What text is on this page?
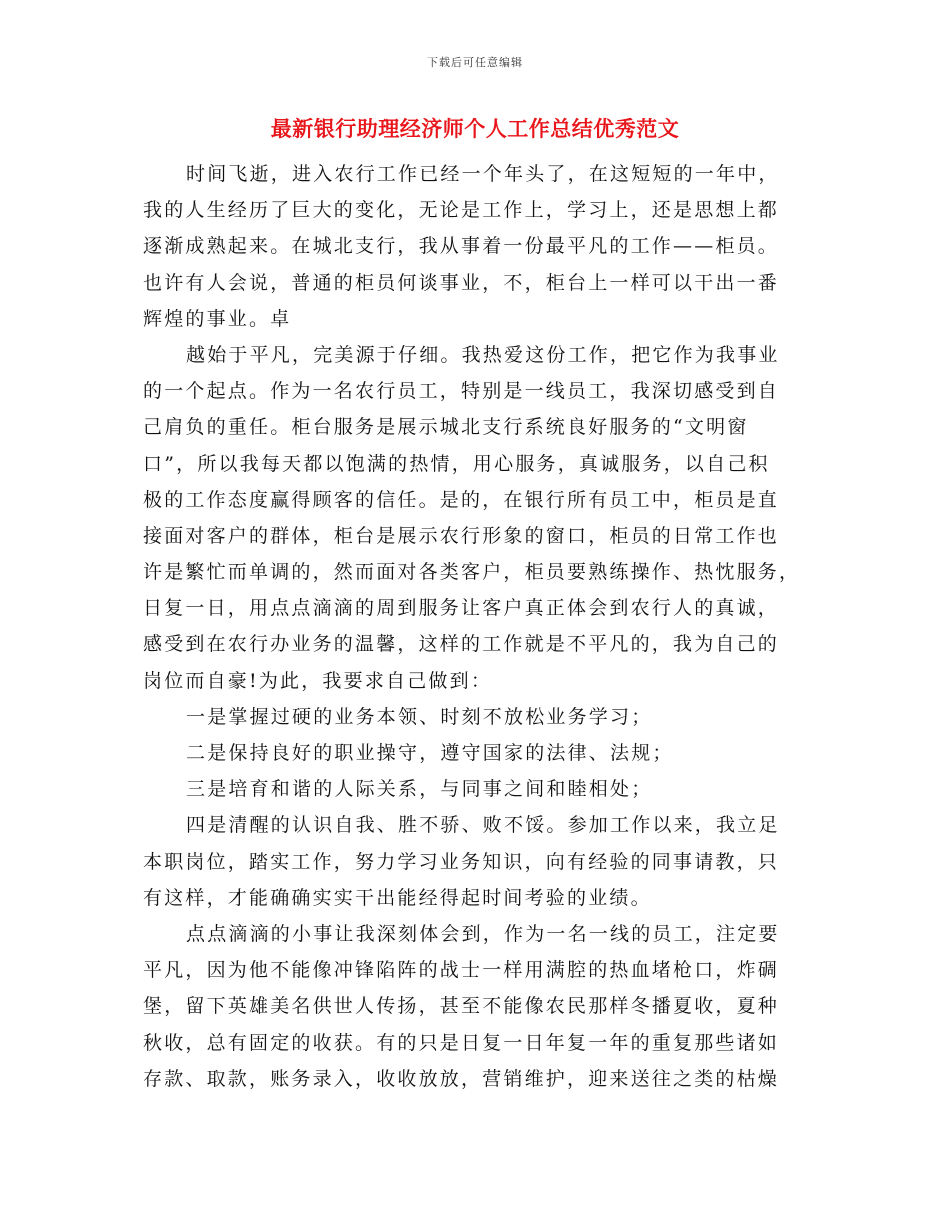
下载后可任意编辑
最新银行助理经济师个人工作总结优秀范文
时间飞逝，进入农行工作已经一个年头了，在这短短的一年中，
我的人生经历了巨大的变化，无论是工作上，学习上，还是思想上都
逐渐成熟起来。在城北支行，我从事着一份最平凡的工作——柜员。
也许有人会说，普通的柜员何谈事业，不，柜台上一样可以干出一番
辉煌的事业。卓
越始于平凡，完美源于仔细。我热爱这份工作，把它作为我事业
的一个起点。作为一名农行员工，特别是一线员工，我深切感受到自
己肩负的重任。柜台服务是展示城北支行系统良好服务的“文明窗
口”，所以我每天都以饱满的热情，用心服务，真诚服务，以自己积
极的工作态度赢得顾客的信任。是的，在银行所有员工中，柜员是直
接面对客户的群体，柜台是展示农行形象的窗口，柜员的日常工作也
许是繁忙而单调的，然而面对各类客户，柜员要熟练操作、热忱服务，
日复一日，用点点滴滴的周到服务让客户真正体会到农行人的真诚，
感受到在农行办业务的温馨，这样的工作就是不平凡的，我为自己的
岗位而自豪!为此，我要求自己做到：
一是掌握过硬的业务本领、时刻不放松业务学习；
二是保持良好的职业操守，遵守国家的法律、法规；
三是培育和谐的人际关系，与同事之间和睦相处；
四是清醒的认识自我、胜不骄、败不馁。参加工作以来，我立足
本职岗位，踏实工作，努力学习业务知识，向有经验的同事请教，只
有这样，才能确确实实干出能经得起时间考验的业绩。
点点滴滴的小事让我深刻体会到，作为一名一线的员工，注定要
平凡，因为他不能像冲锋陷阵的战士一样用满腔的热血堵枪口，炸碉
堡，留下英雄美名供世人传扬，甚至不能像农民那样冬播夏收，夏种
秋收，总有固定的收获。有的只是日复一日年复一年的重复那些诸如
存款、取款，账务录入，收收放放，营销维护，迎来送往之类的枯燥
